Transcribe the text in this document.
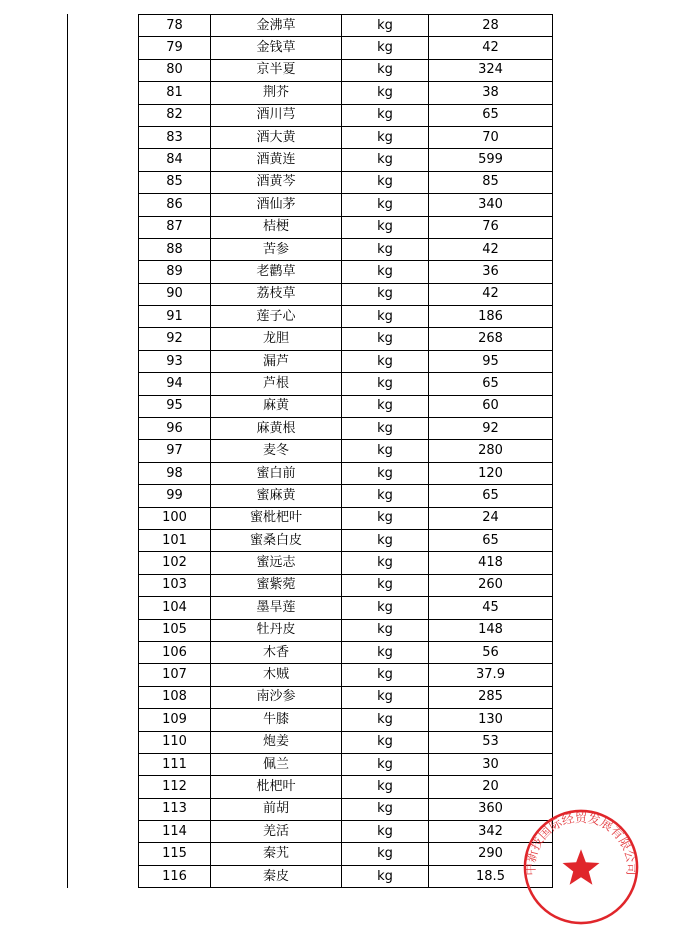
78	金沸草	kg	28
79	金钱草	kg	42
80	京半夏	kg	324
81	荆芥	kg	38
82	酒川芎	kg	65
83	酒大黄	kg	70
84	酒黄连	kg	599
85	酒黄芩	kg	85
86	酒仙茅	kg	340
87	桔梗	kg	76
88	苦参	kg	42
89	老鹳草	kg	36
90	荔枝草	kg	42
91	莲子心	kg	186
92	龙胆	kg	268
93	漏芦	kg	95
94	芦根	kg	65
95	麻黄	kg	60
96	麻黄根	kg	92
97	麦冬	kg	280
98	蜜白前	kg	120
99	蜜麻黄	kg	65
100	蜜枇杷叶	kg	24
101	蜜桑白皮	kg	65
102	蜜远志	kg	418
103	蜜紫菀	kg	260
104	墨旱莲	kg	45
105	牡丹皮	kg	148
106	木香	kg	56
107	木贼	kg	37.9
108	南沙参	kg	285
109	牛膝	kg	130
110	炮姜	kg	53
111	佩兰	kg	30
112	枇杷叶	kg	20
113	前胡	kg	360
114	羌活	kg	342
115	秦艽	kg	290
116	秦皮	kg	18.5 中新技国际经贸发展有限公司
